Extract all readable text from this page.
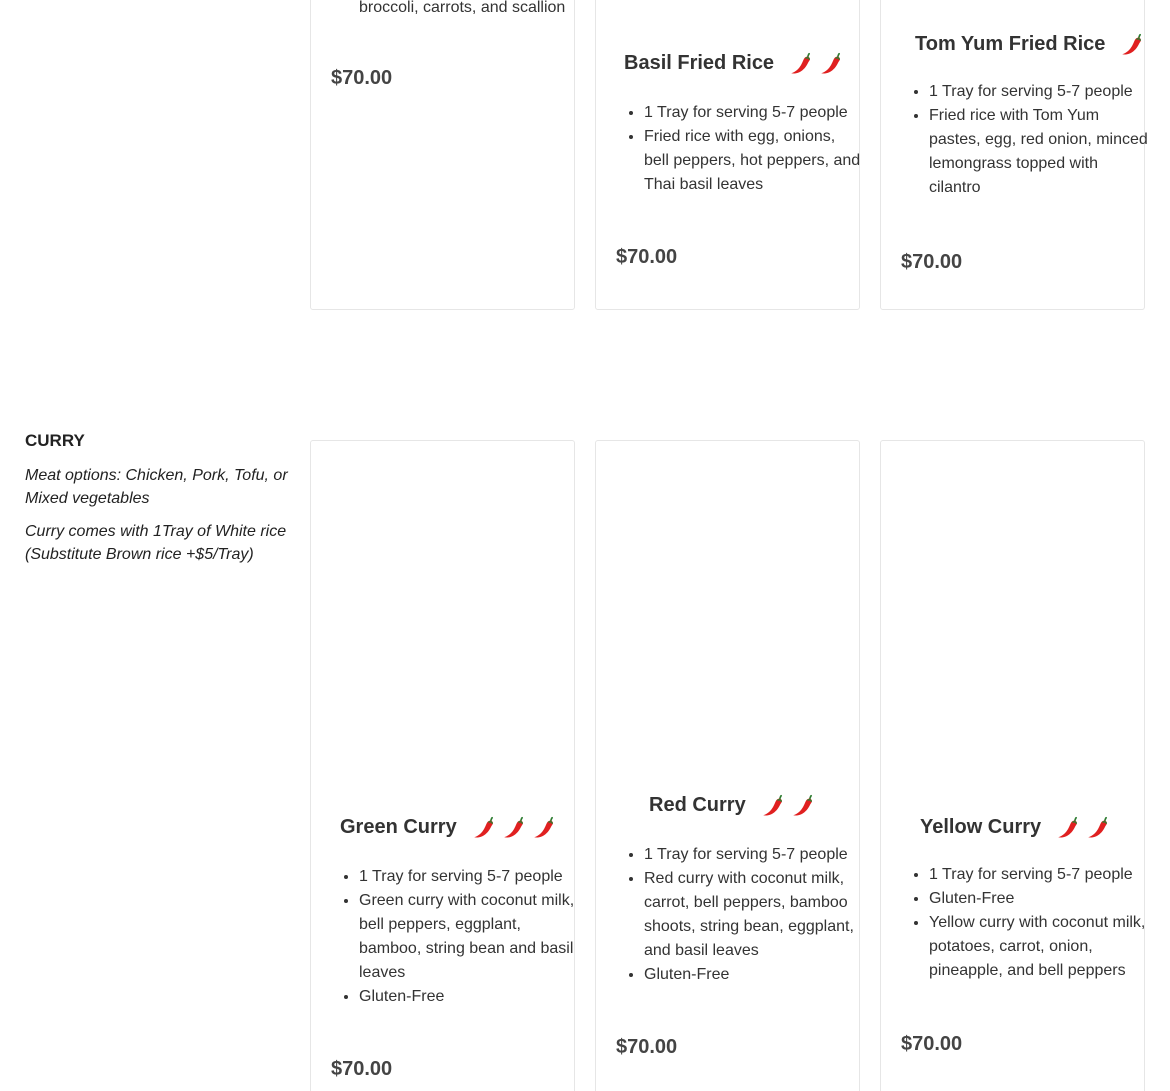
broccoli, carrots, and scallion
$70.00
Basil Fried Rice
• 1 Tray for serving 5-7 people
• Fried rice with egg, onions, bell peppers, hot peppers, and Thai basil leaves
$70.00
Tom Yum Fried Rice
• 1 Tray for serving 5-7 people
• Fried rice with Tom Yum pastes, egg, red onion, minced lemongrass topped with cilantro
$70.00
CURRY
Meat options: Chicken, Pork, Tofu, or Mixed vegetables
Curry comes with 1Tray of White rice (Substitute Brown rice +$5/Tray)
Green Curry
• 1 Tray for serving 5-7 people
• Green curry with coconut milk, bell peppers, eggplant, bamboo, string bean and basil leaves
• Gluten-Free
$70.00
Red Curry
• 1 Tray for serving 5-7 people
• Red curry with coconut milk, carrot, bell peppers, bamboo shoots, string bean, eggplant, and basil leaves
• Gluten-Free
$70.00
Yellow Curry
• 1 Tray for serving 5-7 people
• Gluten-Free
• Yellow curry with coconut milk, potatoes, carrot, onion, pineapple, and bell peppers
$70.00
